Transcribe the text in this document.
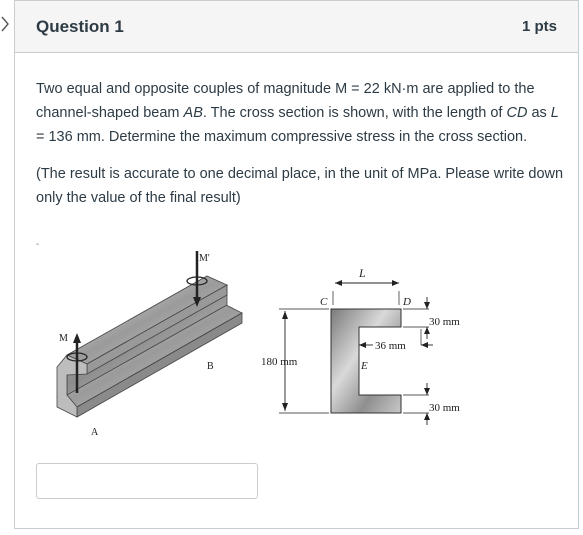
Question 1	1 pts

Two equal and opposite couples of magnitude M = 22 kN·m are applied to the channel-shaped beam AB. The cross section is shown, with the length of CD as L = 136 mm. Determine the maximum compressive stress in the cross section.

(The result is accurate to one decimal place, in the unit of MPa. Please write down only the value of the final result)

-
M
M'
A
B
L
C	D
E
180 mm
30 mm
36 mm
30 mm
